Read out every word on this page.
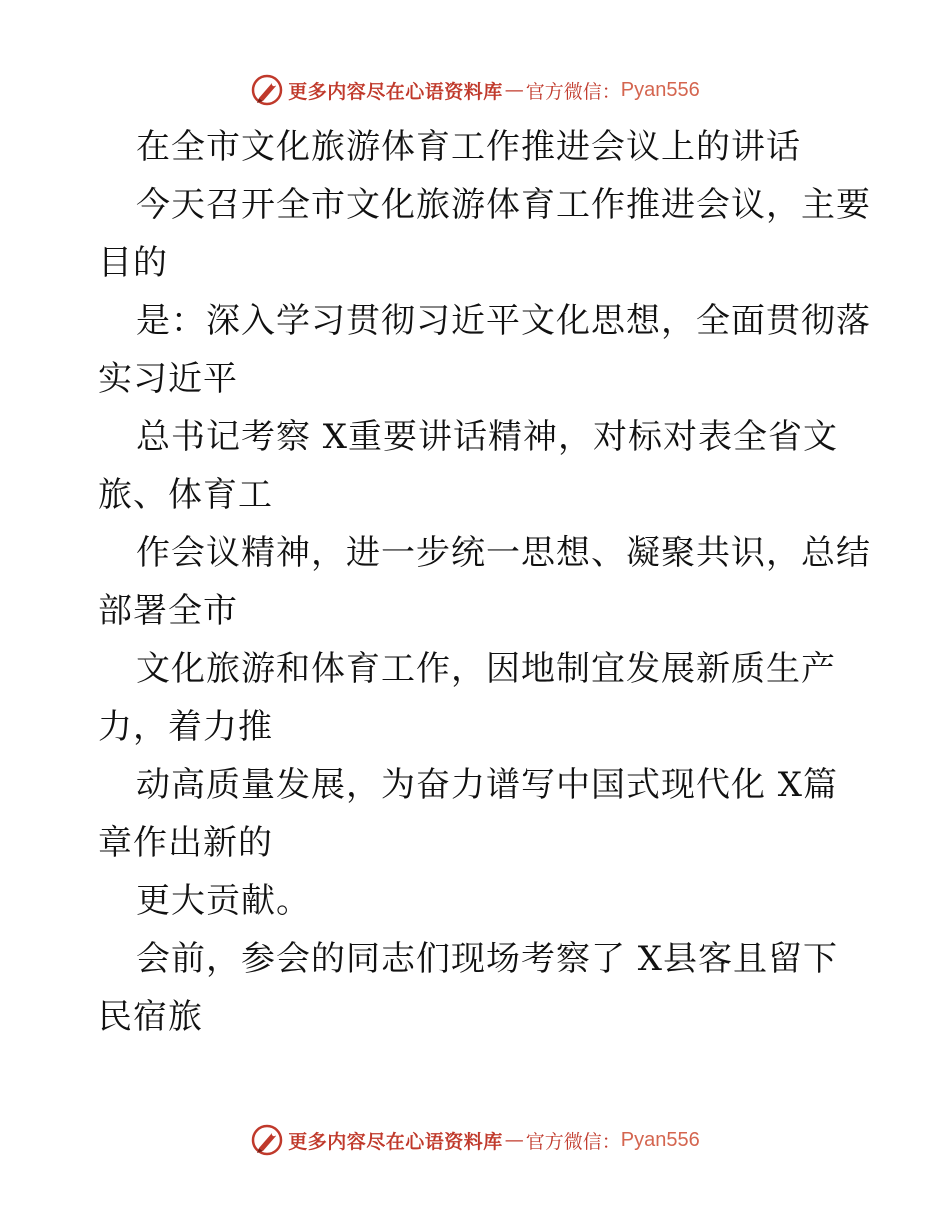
更多内容尽在心语资料库 — 官方微信： Pyan556
在全市文化旅游体育工作推进会议上的讲话
今天召开全市文化旅游体育工作推进会议，主要
目的
是：深入学习贯彻习近平文化思想，全面贯彻落
实习近平
总书记考察 X重要讲话精神，对标对表全省文
旅、体育工
作会议精神，进一步统一思想、凝聚共识，总结
部署全市
文化旅游和体育工作，因地制宜发展新质生产
力，着力推
动高质量发展，为奋力谱写中国式现代化 X篇
章作出新的
更大贡献。
会前，参会的同志们现场考察了 X县客且留下
民宿旅
更多内容尽在心语资料库 — 官方微信： Pyan556
